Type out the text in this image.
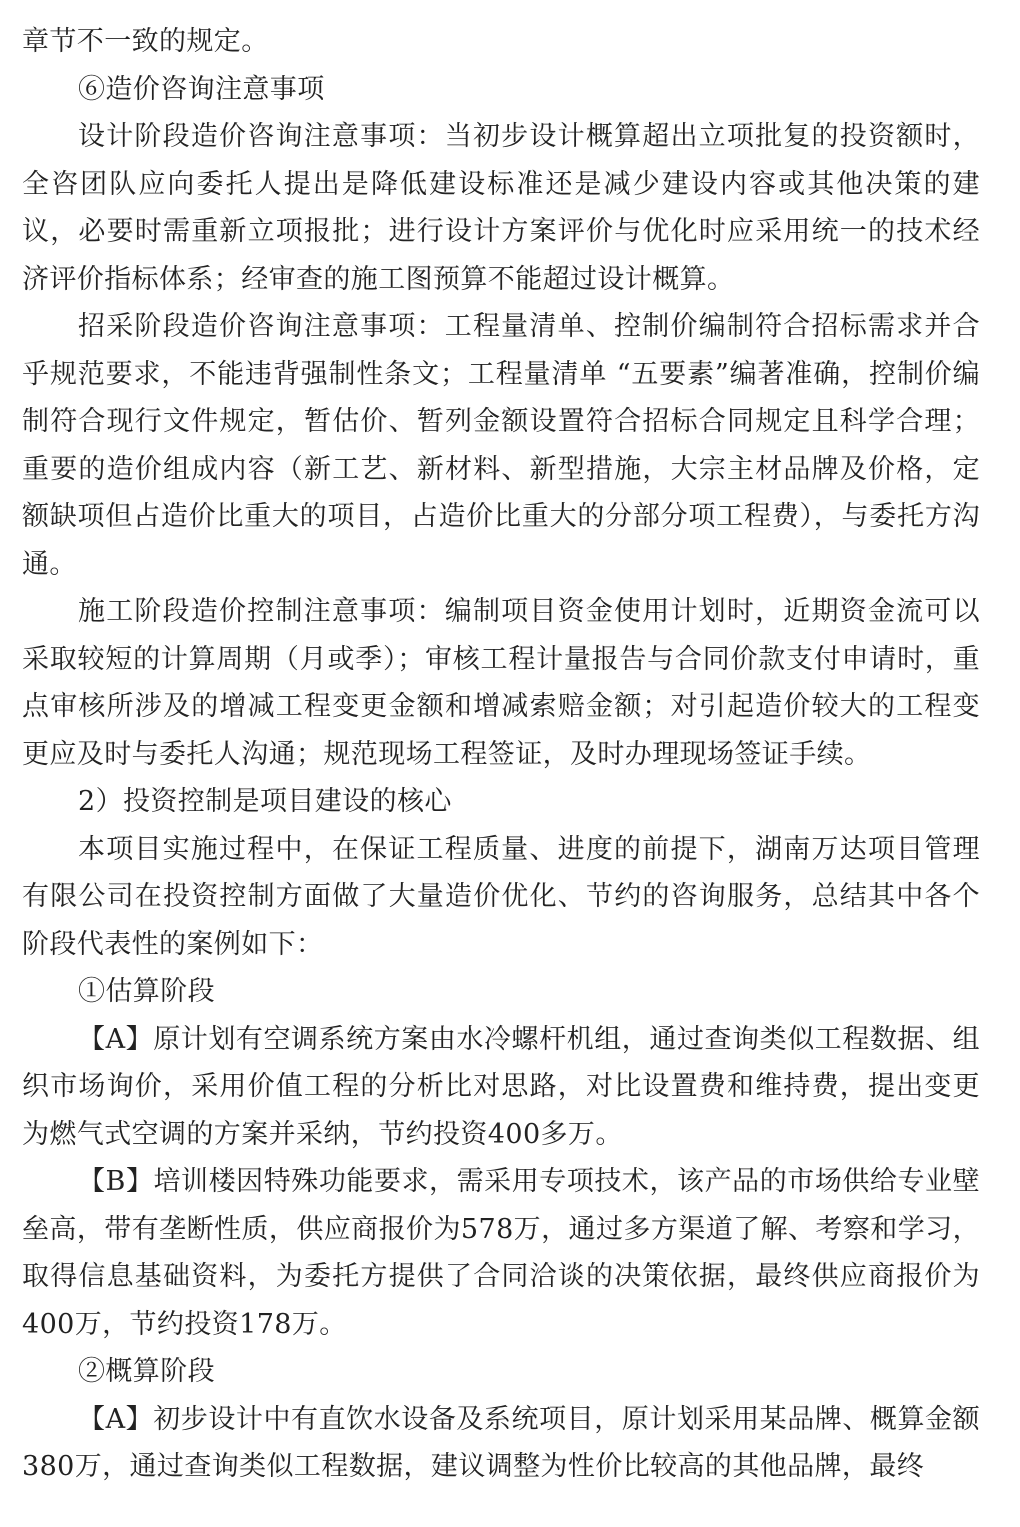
章节不一致的规定。

⑥造价咨询注意事项

设计阶段造价咨询注意事项：当初步设计概算超出立项批复的投资额时，全咨团队应向委托人提出是降低建设标准还是减少建设内容或其他决策的建议，必要时需重新立项报批；进行设计方案评价与优化时应采用统一的技术经济评价指标体系；经审查的施工图预算不能超过设计概算。

招采阶段造价咨询注意事项：工程量清单、控制价编制符合招标需求并合乎规范要求，不能违背强制性条文；工程量清单 “五要素”编著准确，控制价编制符合现行文件规定，暂估价、暂列金额设置符合招标合同规定且科学合理；重要的造价组成内容（新工艺、新材料、新型措施，大宗主材品牌及价格，定额缺项但占造价比重大的项目，占造价比重大的分部分项工程费），与委托方沟通。

施工阶段造价控制注意事项：编制项目资金使用计划时，近期资金流可以采取较短的计算周期（月或季）；审核工程计量报告与合同价款支付申请时，重点审核所涉及的增减工程变更金额和增减索赔金额；对引起造价较大的工程变更应及时与委托人沟通；规范现场工程签证，及时办理现场签证手续。

2）投资控制是项目建设的核心

本项目实施过程中，在保证工程质量、进度的前提下，湖南万达项目管理有限公司在投资控制方面做了大量造价优化、节约的咨询服务，总结其中各个阶段代表性的案例如下：

①估算阶段

【A】原计划有空调系统方案由水冷螺杆机组，通过查询类似工程数据、组织市场询价，采用价值工程的分析比对思路，对比设置费和维持费，提出变更为燃气式空调的方案并采纳，节约投资400多万。

【B】培训楼因特殊功能要求，需采用专项技术，该产品的市场供给专业壁垒高，带有垄断性质，供应商报价为578万，通过多方渠道了解、考察和学习，取得信息基础资料，为委托方提供了合同洽谈的决策依据，最终供应商报价为400万，节约投资178万。

②概算阶段

【A】初步设计中有直饮水设备及系统项目，原计划采用某品牌、概算金额380万，通过查询类似工程数据，建议调整为性价比较高的其他品牌，最终
